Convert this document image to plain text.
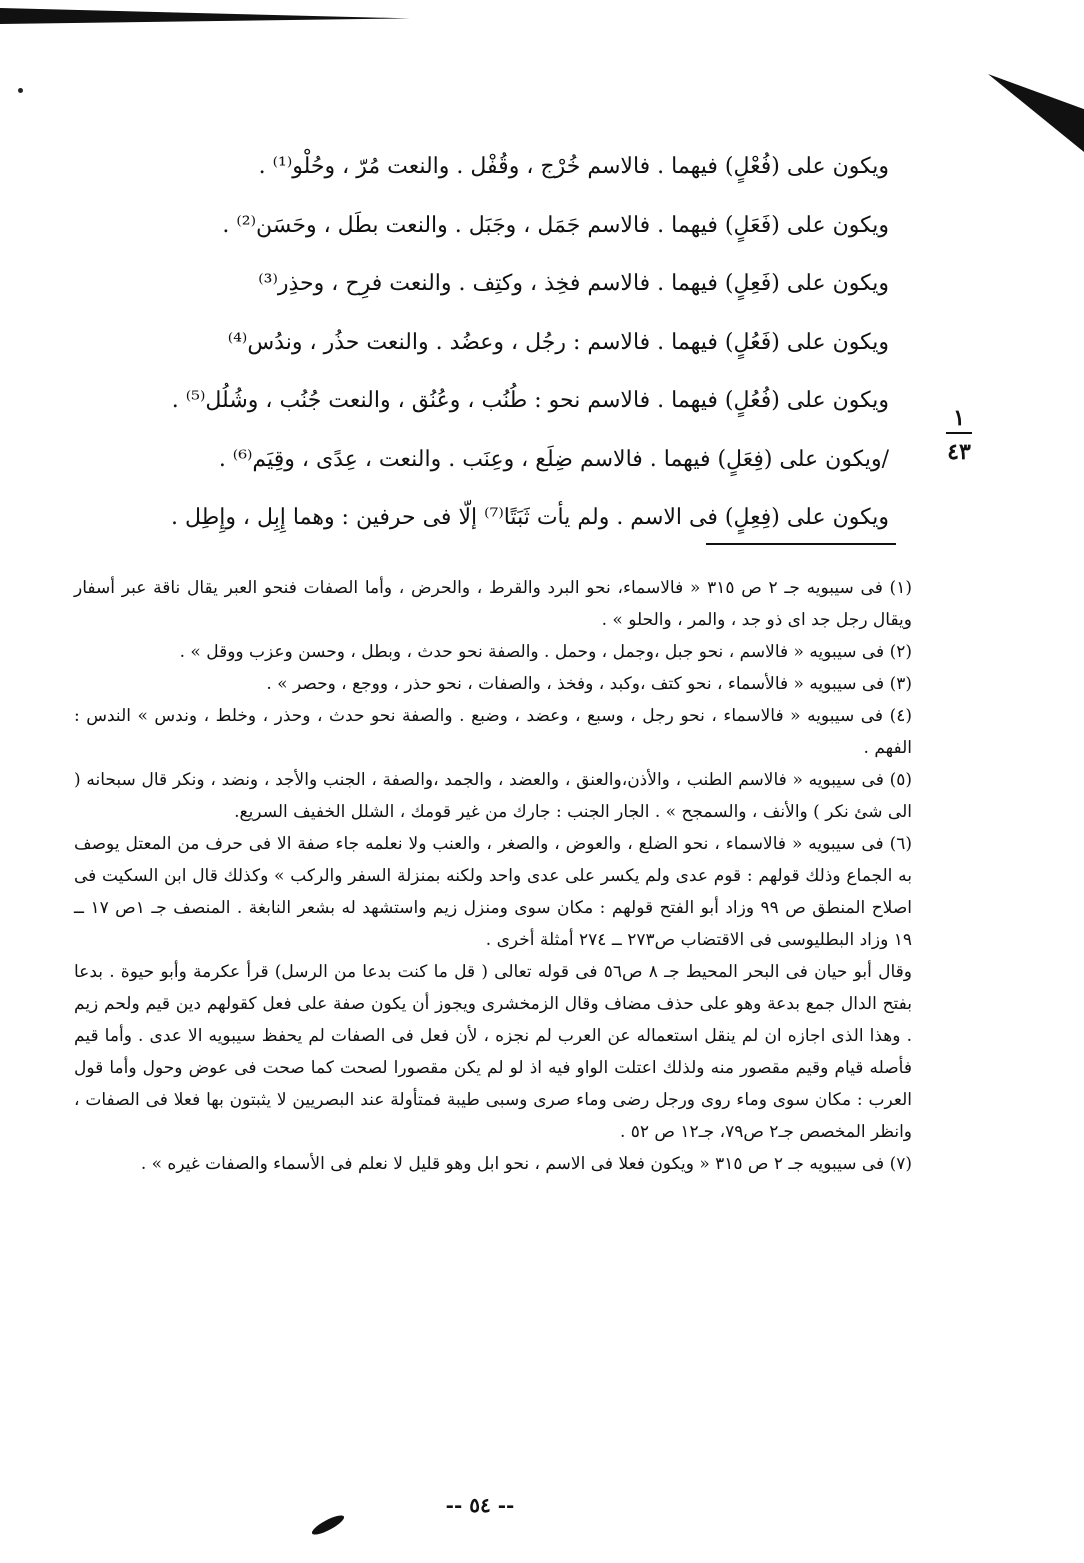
ويكون على (فُعْلٍ) فيهما . فالاسم خُرْج ، وقُفْل . والنعت مُرّ ، وحُلْو⁽¹⁾ .
ويكون على (فَعَلٍ) فيهما . فالاسم جَمَل ، وجَبَل . والنعت بطَل ، وحَسَن⁽²⁾ .
ويكون على (فَعِلٍ) فيهما . فالاسم فخِذ ، وكتِف . والنعت فرِح ، وحذِر⁽³⁾
ويكون على (فَعُلٍ) فيهما . فالاسم : رجُل ، وعضُد . والنعت حذُر ، وندُس⁽⁴⁾
ويكون على (فُعُلٍ) فيهما . فالاسم نحو : طُنُب ، وعُنُق ، والنعت جُنُب ، وشُلُل⁽⁵⁾ .
/ويكون على (فِعَلٍ) فيهما . فالاسم ضِلَع ، وعِنَب . والنعت ، عِدًى ، وقِيَم⁽⁶⁾ .
ويكون على (فِعِلٍ) فى الاسم . ولم يأت ثَبَتًا⁽⁷⁾ إلّا فى حرفين : وهما إِبِل ، وإِطِل .
١
٤٣
(١) فى سيبويه جـ ٢ ص ٣١٥ « فالاسماء، نحو البرد والقرط ، والحرض ، وأما الصفات فنحو العبر يقال ناقة عبر أسفار ويقال رجل جد اى ذو جد ، والمر ، والحلو » .
(٢) فى سيبويه « فالاسم ، نحو جبل ،وجمل ، وحمل . والصفة نحو حدث ، وبطل ، وحسن وعزب ووقل » .
(٣) فى سيبويه « فالأسماء ، نحو كتف ،وكبد ، وفخذ ، والصفات ، نحو حذر ، ووجع ، وحصر » .
(٤) فى سيبويه « فالاسماء ، نحو رجل ، وسبع ، وعضد ، وضبع . والصفة نحو حدث ، وحذر ، وخلط ، وندس » الندس : الفهم .
(٥) فى سيبويه « فالاسم الطنب ، والأذن،والعنق ، والعضد ، والجمد ،والصفة ، الجنب والأجد ، ونضد ، ونكر قال سبحانه ( الى شئ نكر ) والأنف ، والسمجح » . الجار الجنب : جارك من غير قومك ، الشلل الخفيف السريع.
(٦) فى سيبويه « فالاسماء ، نحو الضلع ، والعوض ، والصغر ، والعنب ولا نعلمه جاء صفة الا فى حرف من المعتل يوصف به الجماع وذلك قولهم : قوم عدى ولم يكسر على عدى واحد ولكنه بمنزلة السفر والركب » وكذلك قال ابن السكيت فى اصلاح المنطق ص ٩٩ وزاد أبو الفتح قولهم : مكان سوى ومنزل زيم واستشهد له بشعر النابغة . المنصف جـ ١ص ١٧ ــ ١٩ وزاد البطليوسى فى الاقتضاب ص٢٧٣ ــ ٢٧٤ أمثلة أخرى .
وقال أبو حيان فى البحر المحيط جـ ٨ ص٥٦ فى قوله تعالى ( قل ما كنت بدعا من الرسل) قرأ عكرمة وأبو حيوة . بدعا بفتح الدال جمع بدعة وهو على حذف مضاف وقال الزمخشرى ويجوز أن يكون صفة على فعل كقولهم دين قيم ولحم زيم . وهذا الذى اجازه ان لم ينقل استعماله عن العرب لم نجزه ، لأن فعل فى الصفات لم يحفظ سيبويه الا عدى . وأما قيم فأصله قيام وقيم مقصور منه ولذلك اعتلت الواو فيه اذ لو لم يكن مقصورا لصحت كما صحت فى عوض وحول وأما قول العرب : مكان سوى وماء روى ورجل رضى وماء صرى وسبى طيبة فمتأولة عند البصريين لا يثبتون بها فعلا فى الصفات ، وانظر المخصص جـ٢ ص٧٩، جـ١٢ ص ٥٢ .
(٧) فى سيبويه جـ ٢ ص ٣١٥ « ويكون فعلا فى الاسم ، نحو ابل وهو قليل لا نعلم فى الأسماء والصفات غيره » .
-- ٥٤ --
